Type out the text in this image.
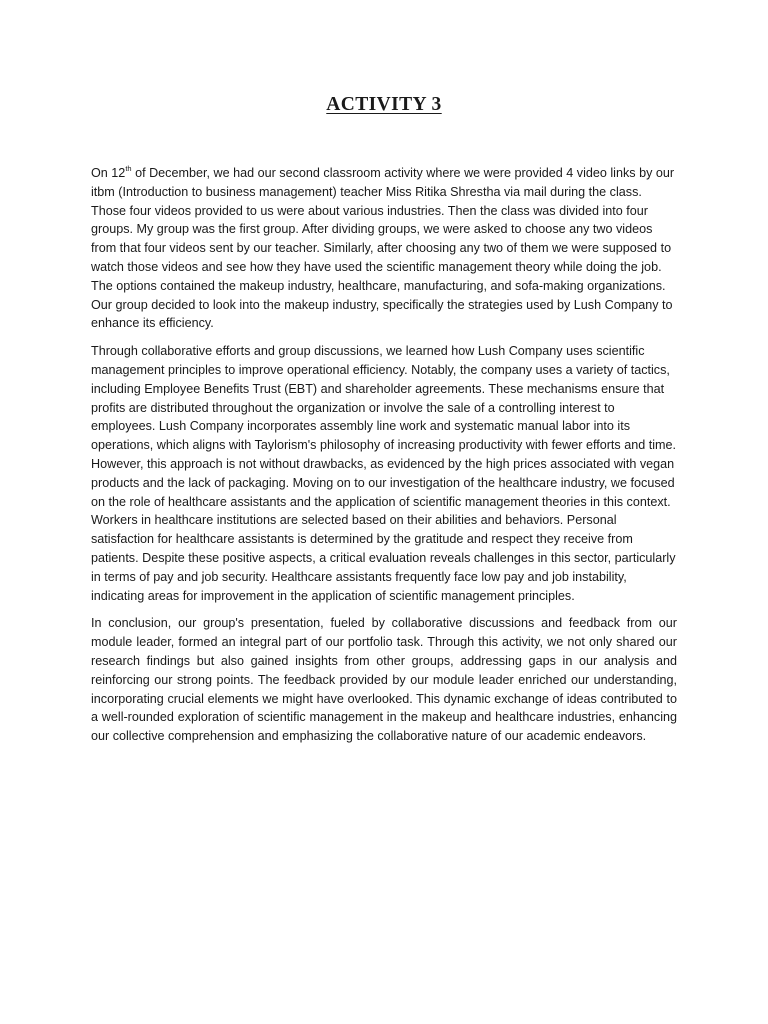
ACTIVITY 3

On 12th of December, we had our second classroom activity where we were provided 4 video links by our itbm (Introduction to business management) teacher Miss Ritika Shrestha via mail during the class. Those four videos provided to us were about various industries. Then the class was divided into four groups. My group was the first group. After dividing groups, we were asked to choose any two videos from that four videos sent by our teacher. Similarly, after choosing any two of them we were supposed to watch those videos and see how they have used the scientific management theory while doing the job. The options contained the makeup industry, healthcare, manufacturing, and sofa-making organizations. Our group decided to look into the makeup industry, specifically the strategies used by Lush Company to enhance its efficiency.

Through collaborative efforts and group discussions, we learned how Lush Company uses scientific management principles to improve operational efficiency. Notably, the company uses a variety of tactics, including Employee Benefits Trust (EBT) and shareholder agreements. These mechanisms ensure that profits are distributed throughout the organization or involve the sale of a controlling interest to employees. Lush Company incorporates assembly line work and systematic manual labor into its operations, which aligns with Taylorism's philosophy of increasing productivity with fewer efforts and time. However, this approach is not without drawbacks, as evidenced by the high prices associated with vegan products and the lack of packaging. Moving on to our investigation of the healthcare industry, we focused on the role of healthcare assistants and the application of scientific management theories in this context. Workers in healthcare institutions are selected based on their abilities and behaviors. Personal satisfaction for healthcare assistants is determined by the gratitude and respect they receive from patients. Despite these positive aspects, a critical evaluation reveals challenges in this sector, particularly in terms of pay and job security. Healthcare assistants frequently face low pay and job instability, indicating areas for improvement in the application of scientific management principles.

In conclusion, our group's presentation, fueled by collaborative discussions and feedback from our module leader, formed an integral part of our portfolio task. Through this activity, we not only shared our research findings but also gained insights from other groups, addressing gaps in our analysis and reinforcing our strong points. The feedback provided by our module leader enriched our understanding, incorporating crucial elements we might have overlooked. This dynamic exchange of ideas contributed to a well-rounded exploration of scientific management in the makeup and healthcare industries, enhancing our collective comprehension and emphasizing the collaborative nature of our academic endeavors.
